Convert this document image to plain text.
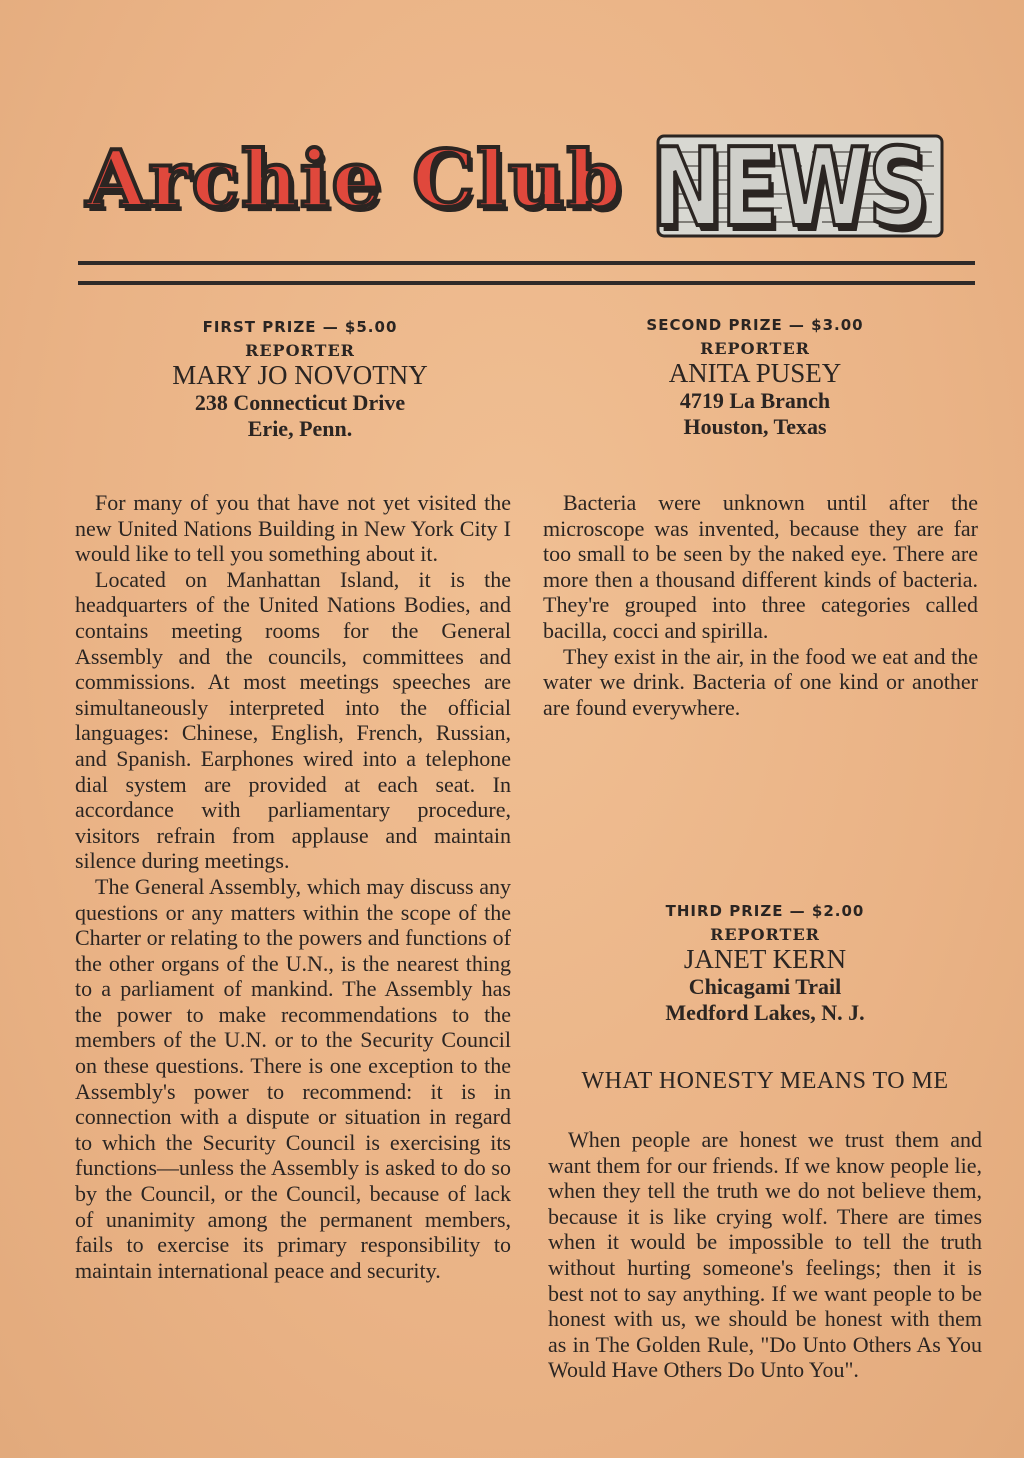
Archie Club NEWS
FIRST PRIZE — $5.00
REPORTER
MARY JO NOVOTNY
238 Connecticut Drive
Erie, Penn.
SECOND PRIZE — $3.00
REPORTER
ANITA PUSEY
4719 La Branch
Houston, Texas

For many of you that have not yet visited the new United Nations Building in New York City I would like to tell you something about it.

Located on Manhattan Island, it is the headquarters of the United Nations Bodies, and contains meeting rooms for the General Assembly and the councils, committees and commissions. At most meetings speeches are simultaneously interpreted into the official languages: Chinese, English, French, Russian, and Spanish. Earphones wired into a telephone dial system are provided at each seat. In accordance with parliamentary procedure, visitors refrain from applause and maintain silence during meetings.

The General Assembly, which may discuss any questions or any matters within the scope of the Charter or relating to the powers and functions of the other organs of the U.N., is the nearest thing to a parliament of mankind. The Assembly has the power to make recommendations to the members of the U.N. or to the Security Council on these questions. There is one exception to the Assembly's power to recommend: it is in connection with a dispute or situation in regard to which the Security Council is exercising its functions—unless the Assembly is asked to do so by the Council, or the Council, because of lack of unanimity among the permanent members, fails to exercise its primary responsibility to maintain international peace and security.

Bacteria were unknown until after the microscope was invented, because they are far too small to be seen by the naked eye. There are more then a thousand different kinds of bacteria. They're grouped into three categories called bacilla, cocci and spirilla.

They exist in the air, in the food we eat and the water we drink. Bacteria of one kind or another are found everywhere.

THIRD PRIZE — $2.00
REPORTER
JANET KERN
Chicagami Trail
Medford Lakes, N. J.
WHAT HONESTY MEANS TO ME

When people are honest we trust them and want them for our friends. If we know people lie, when they tell the truth we do not believe them, because it is like crying wolf. There are times when it would be impossible to tell the truth without hurting someone's feelings; then it is best not to say anything. If we want people to be honest with us, we should be honest with them as in The Golden Rule, "Do Unto Others As You Would Have Others Do Unto You".
